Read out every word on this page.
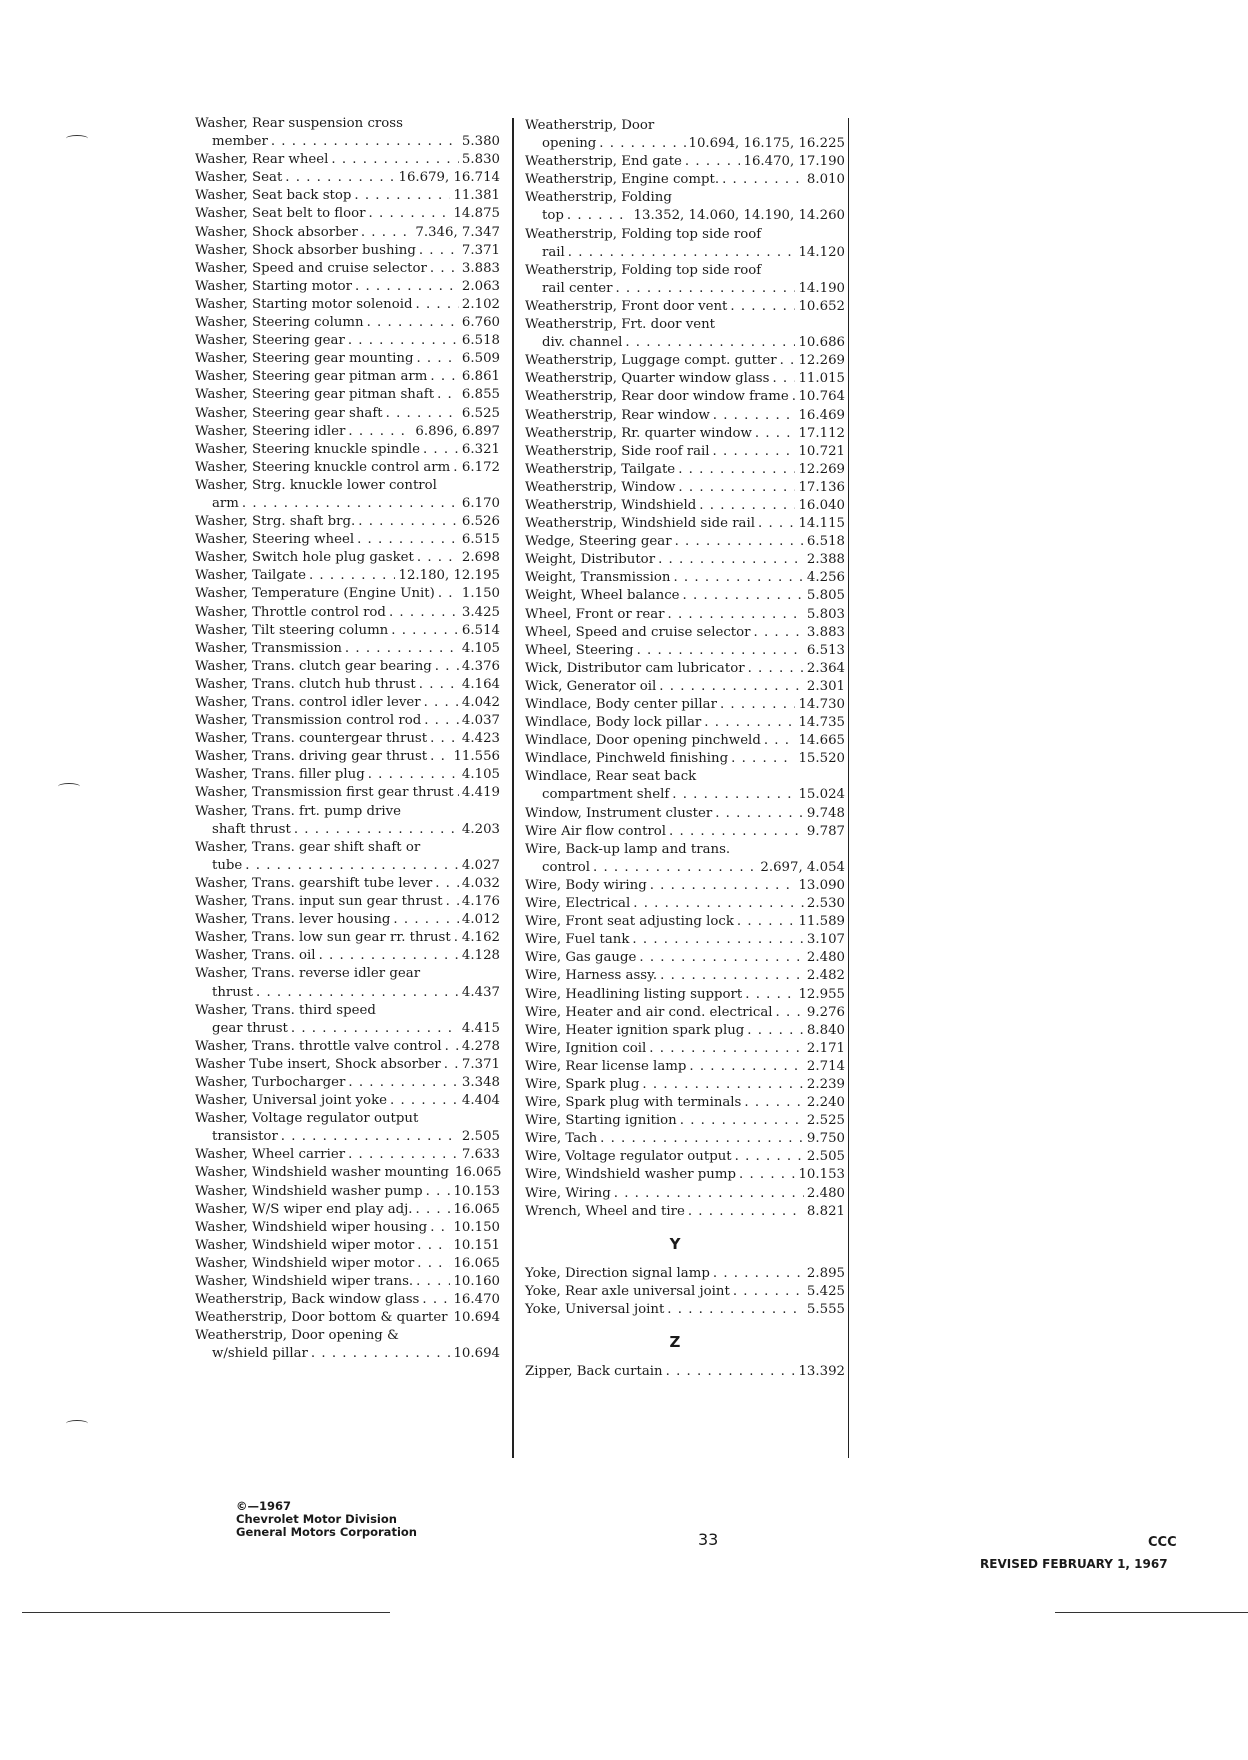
Washer, Rear suspension cross
member . . .	5.380
Washer, Rear wheel . . .	5.830
Washer, Seat . . .	16.679, 16.714
Washer, Seat back stop . . .	11.381
Washer, Seat belt to floor . . .	14.875
Washer, Shock absorber . . .	7.346, 7.347
Washer, Shock absorber bushing . . .	7.371
Washer, Speed and cruise selector . . .	3.883
Washer, Starting motor . . .	2.063
Washer, Starting motor solenoid . . .	2.102
Washer, Steering column . . .	6.760
Washer, Steering gear . . .	6.518
Washer, Steering gear mounting . . .	6.509
Washer, Steering gear pitman arm . . .	6.861
Washer, Steering gear pitman shaft . . . 6.855
Washer, Steering gear shaft . . .	6.525
Washer, Steering idler . . .	6.896, 6.897
Washer, Steering knuckle spindle . . .	6.321
Washer, Steering knuckle control arm . . . 6.172
Washer, Strg. knuckle lower control
arm . . .	6.170
Washer, Strg. shaft brg. . . .	6.526
Washer, Steering wheel . . .	6.515
Washer, Switch hole plug gasket . . .	2.698
Washer, Tailgate . . .	12.180, 12.195
Washer, Temperature (Engine Unit) . . . 1.150
Washer, Throttle control rod . . .	3.425
Washer, Tilt steering column . . .	6.514
Washer, Transmission . . .	4.105
Washer, Trans. clutch gear bearing . . . 4.376
Washer, Trans. clutch hub thrust . . .	4.164
Washer, Trans. control idler lever . . .	4.042
Washer, Transmission control rod . . .	4.037
Washer, Trans. countergear thrust . . .	4.423
Washer, Trans. driving gear thrust . . . 11.556
Washer, Trans. filler plug . . .	4.105
Washer, Transmission first gear thrust . . . 4.419
Washer, Trans. frt. pump drive
shaft thrust . . .	4.203
Washer, Trans. gear shift shaft or
tube . . .	4.027
Washer, Trans. gearshift tube lever . . . 4.032
Washer, Trans. input sun gear thrust . . . 4.176
Washer, Trans. lever housing . . .	4.012
Washer, Trans. low sun gear rr. thrust . . . 4.162
Washer, Trans. oil . . .	4.128
Washer, Trans. reverse idler gear
thrust . . .	4.437
Washer, Trans. third speed
gear thrust . . .	4.415
Washer, Trans. throttle valve control . . . 4.278
Washer Tube insert, Shock absorber . . . 7.371
Washer, Turbocharger . . .	3.348
Washer, Universal joint yoke . . .	4.404
Washer, Voltage regulator output
transistor . . .	2.505
Washer, Wheel carrier . . .	7.633
Washer, Windshield washer mounting 16.065
Washer, Windshield washer pump . . . 10.153
Washer, W/S wiper end play adj. . . .	16.065
Washer, Windshield wiper housing . . . 10.150
Washer, Windshield wiper motor . . .	10.151
Washer, Windshield wiper motor . . .	16.065
Washer, Windshield wiper trans. . . .	10.160
Weatherstrip, Back window glass . . .	16.470
Weatherstrip, Door bottom & quarter 10.694
Weatherstrip, Door opening &
w/shield pillar . . .	10.694
Weatherstrip, Door
opening . . .	10.694, 16.175, 16.225
Weatherstrip, End gate . . .	16.470, 17.190
Weatherstrip, Engine compt. . . .	8.010
Weatherstrip, Folding
top . . .	13.352, 14.060, 14.190, 14.260
Weatherstrip, Folding top side roof
rail . . .	14.120
Weatherstrip, Folding top side roof
rail center . . .	14.190
Weatherstrip, Front door vent . . .	10.652
Weatherstrip, Frt. door vent
div. channel . . .	10.686
Weatherstrip, Luggage compt. gutter . . . 12.269
Weatherstrip, Quarter window glass . . . 11.015
Weatherstrip, Rear door window frame . . . 10.764
Weatherstrip, Rear window . . .	16.469
Weatherstrip, Rr. quarter window . . .	17.112
Weatherstrip, Side roof rail . . .	10.721
Weatherstrip, Tailgate . . .	12.269
Weatherstrip, Window . . .	17.136
Weatherstrip, Windshield . . .	16.040
Weatherstrip, Windshield side rail . . .	14.115
Wedge, Steering gear . . .	6.518
Weight, Distributor . . .	2.388
Weight, Transmission . . .	4.256
Weight, Wheel balance . . .	5.805
Wheel, Front or rear . . .	5.803
Wheel, Speed and cruise selector . . .	3.883
Wheel, Steering . . .	6.513
Wick, Distributor cam lubricator . . .	2.364
Wick, Generator oil . . .	2.301
Windlace, Body center pillar . . .	14.730
Windlace, Body lock pillar . . .	14.735
Windlace, Door opening pinchweld . . .	14.665
Windlace, Pinchweld finishing . . .	15.520
Windlace, Rear seat back
compartment shelf . . .	15.024
Window, Instrument cluster . . .	9.748
Wire Air flow control . . .	9.787
Wire, Back-up lamp and trans.
control . . .	2.697, 4.054
Wire, Body wiring . . .	13.090
Wire, Electrical . . .	2.530
Wire, Front seat adjusting lock . . .	11.589
Wire, Fuel tank . . .	3.107
Wire, Gas gauge . . .	2.480
Wire, Harness assy. . . .	2.482
Wire, Headlining listing support . . .	12.955
Wire, Heater and air cond. electrical . . .	9.276
Wire, Heater ignition spark plug . . .	8.840
Wire, Ignition coil . . .	2.171
Wire, Rear license lamp . . .	2.714
Wire, Spark plug . . .	2.239
Wire, Spark plug with terminals . . .	2.240
Wire, Starting ignition . . .	2.525
Wire, Tach . . .	9.750
Wire, Voltage regulator output . . .	2.505
Wire, Windshield washer pump . . .	10.153
Wire, Wiring . . .	2.480
Wrench, Wheel and tire . . .	8.821
Y
Yoke, Direction signal lamp . . .	2.895
Yoke, Rear axle universal joint . . .	5.425
Yoke, Universal joint . . .	5.555
Z
Zipper, Back curtain . . .	13.392
©—1967
Chevrolet Motor Division
General Motors Corporation	33	CCC
REVISED FEBRUARY 1, 1967
